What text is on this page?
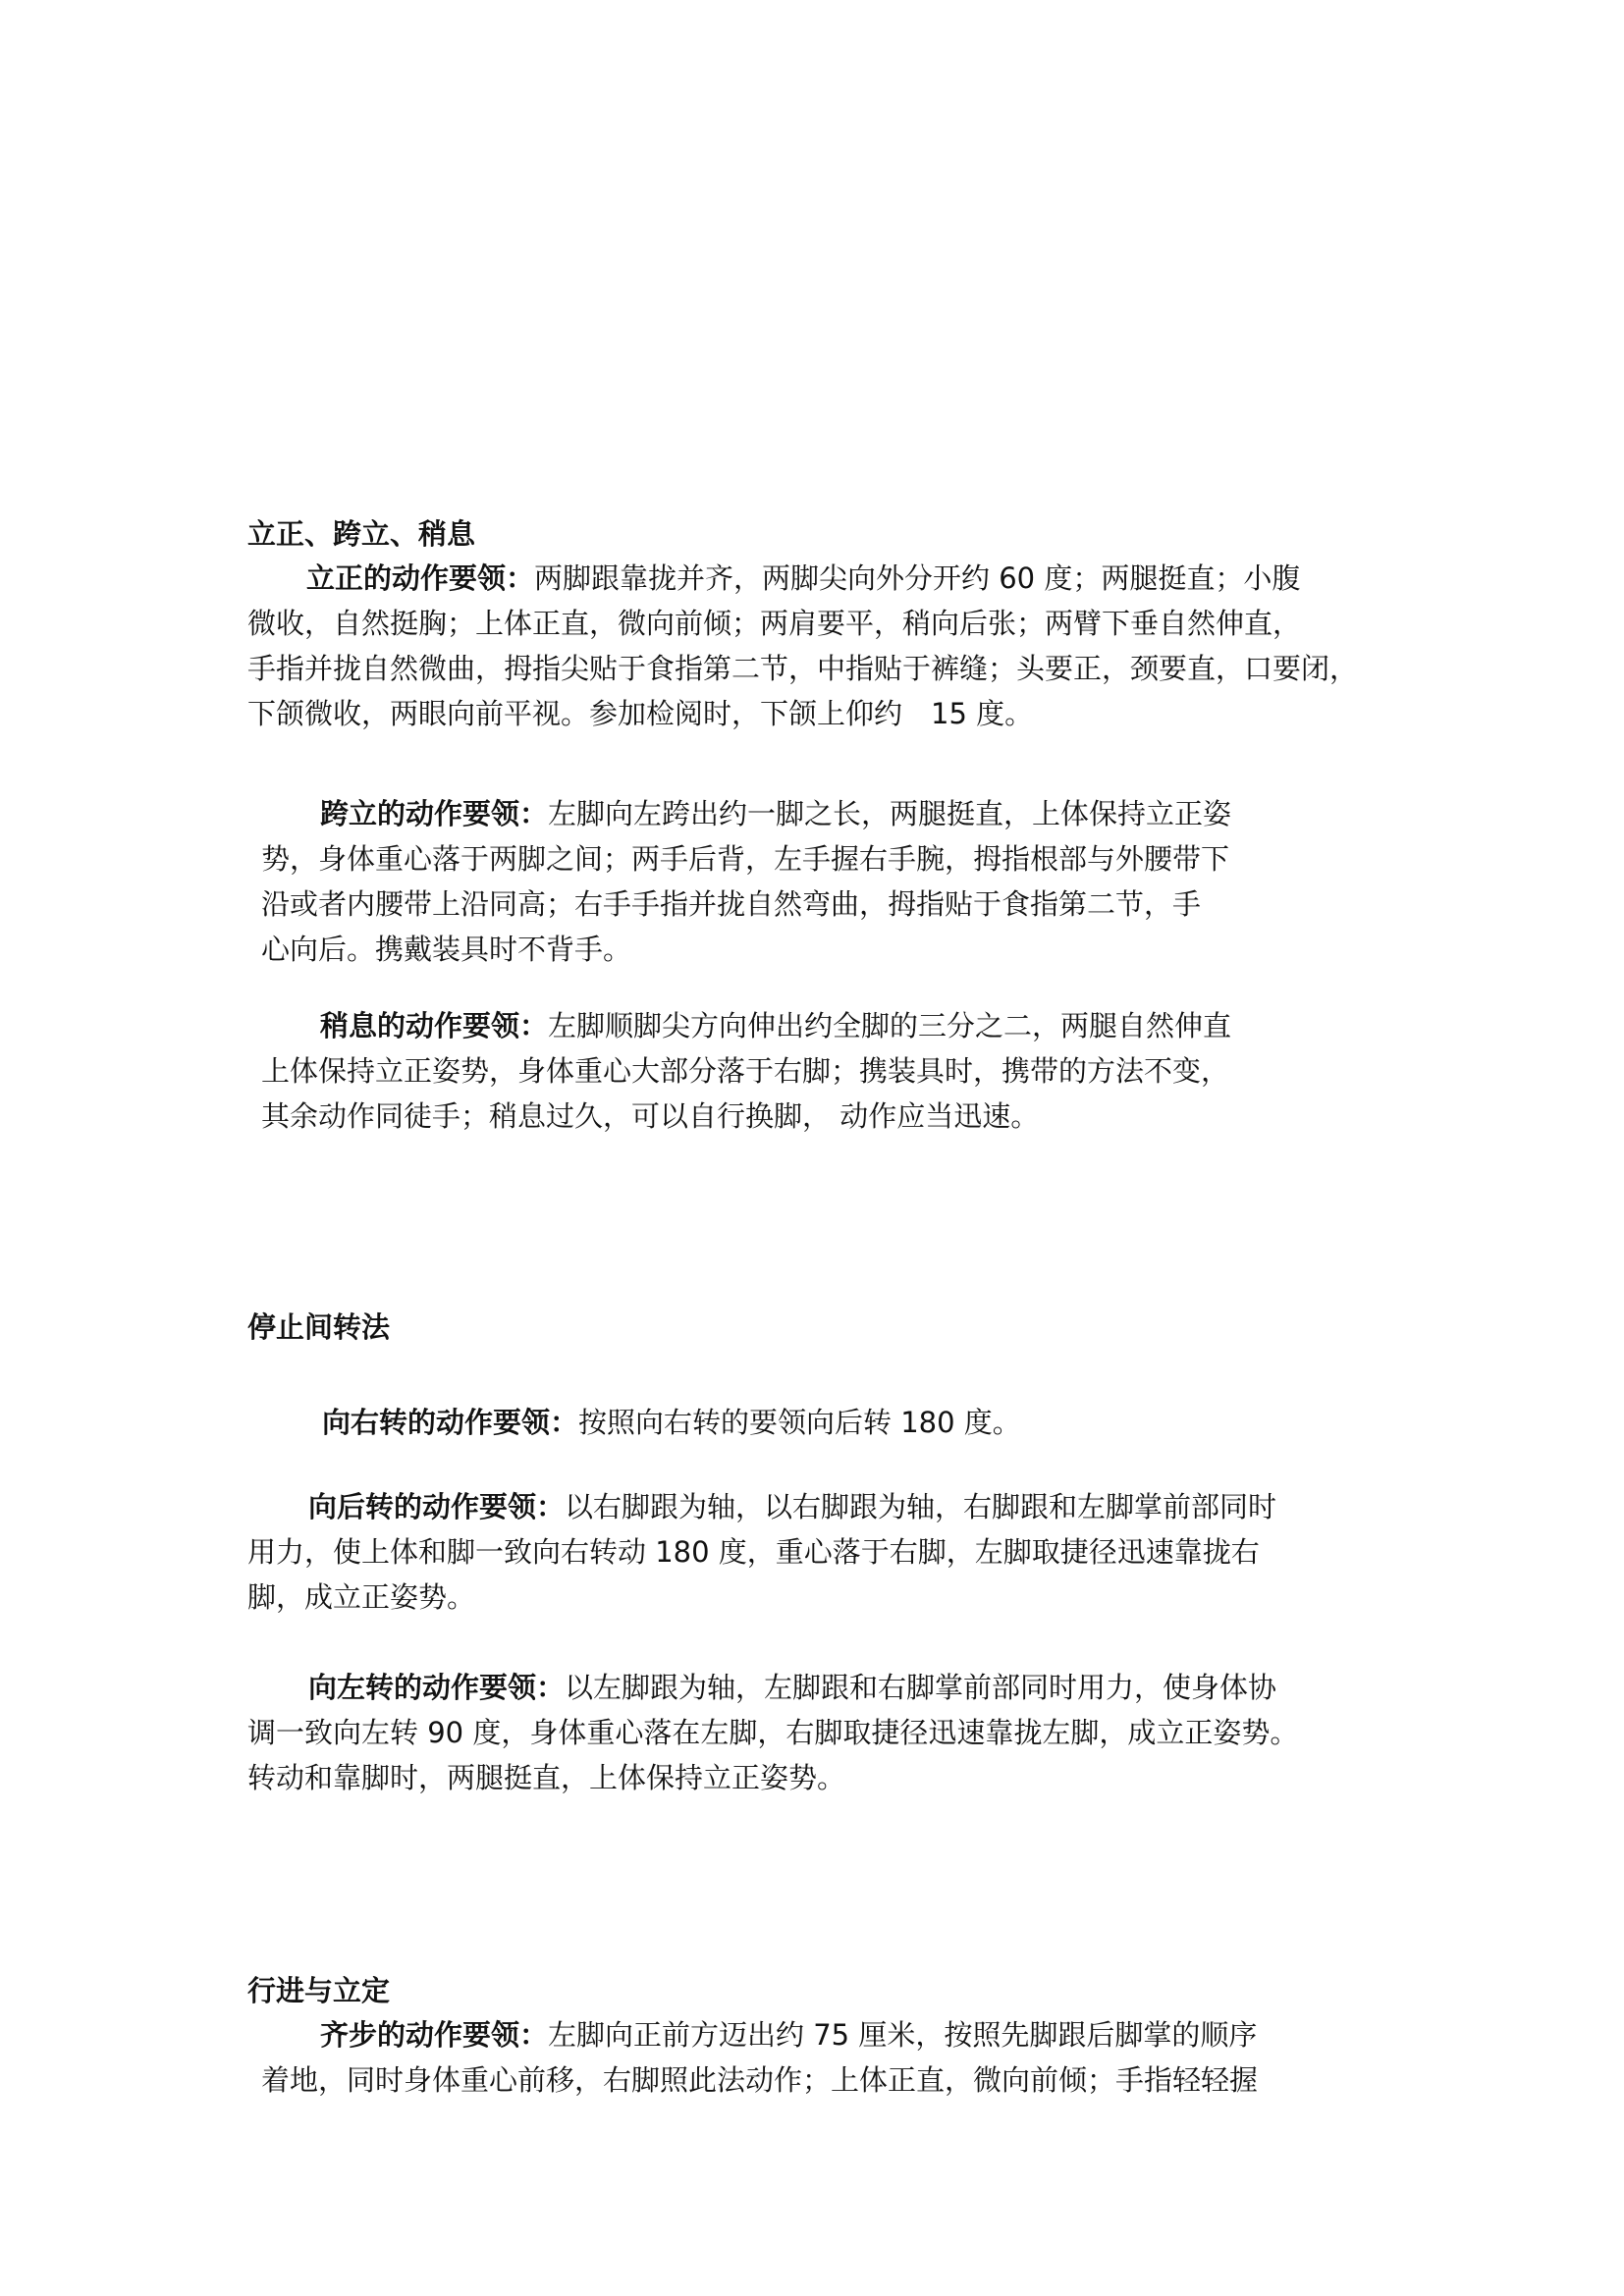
立正、跨立、稍息

立正的动作要领：两脚跟靠拢并齐，两脚尖向外分开约 60 度；两腿挺直；小腹
微收，自然挺胸；上体正直，微向前倾；两肩要平，稍向后张；两臂下垂自然伸直，
手指并拢自然微曲，拇指尖贴于食指第二节，中指贴于裤缝；头要正，颈要直，口要闭，
下颌微收，两眼向前平视。参加检阅时，下颌上仰约　15 度。

跨立的动作要领：左脚向左跨出约一脚之长，两腿挺直，上体保持立正姿
势，身体重心落于两脚之间；两手后背，左手握右手腕，拇指根部与外腰带下
沿或者内腰带上沿同高；右手手指并拢自然弯曲，拇指贴于食指第二节，手
心向后。携戴装具时不背手。

稍息的动作要领：左脚顺脚尖方向伸出约全脚的三分之二，两腿自然伸直
上体保持立正姿势，身体重心大部分落于右脚；携装具时，携带的方法不变，
其余动作同徒手；稍息过久，可以自行换脚， 动作应当迅速。

停止间转法

向右转的动作要领：按照向右转的要领向后转 180 度。

向后转的动作要领：以右脚跟为轴，以右脚跟为轴，右脚跟和左脚掌前部同时
用力，使上体和脚一致向右转动 180 度，重心落于右脚，左脚取捷径迅速靠拢右
脚，成立正姿势。

向左转的动作要领：以左脚跟为轴，左脚跟和右脚掌前部同时用力，使身体协
调一致向左转 90 度，身体重心落在左脚，右脚取捷径迅速靠拢左脚，成立正姿势。
转动和靠脚时，两腿挺直，上体保持立正姿势。

行进与立定

齐步的动作要领：左脚向正前方迈出约 75 厘米，按照先脚跟后脚掌的顺序
着地，同时身体重心前移，右脚照此法动作；上体正直，微向前倾；手指轻轻握
